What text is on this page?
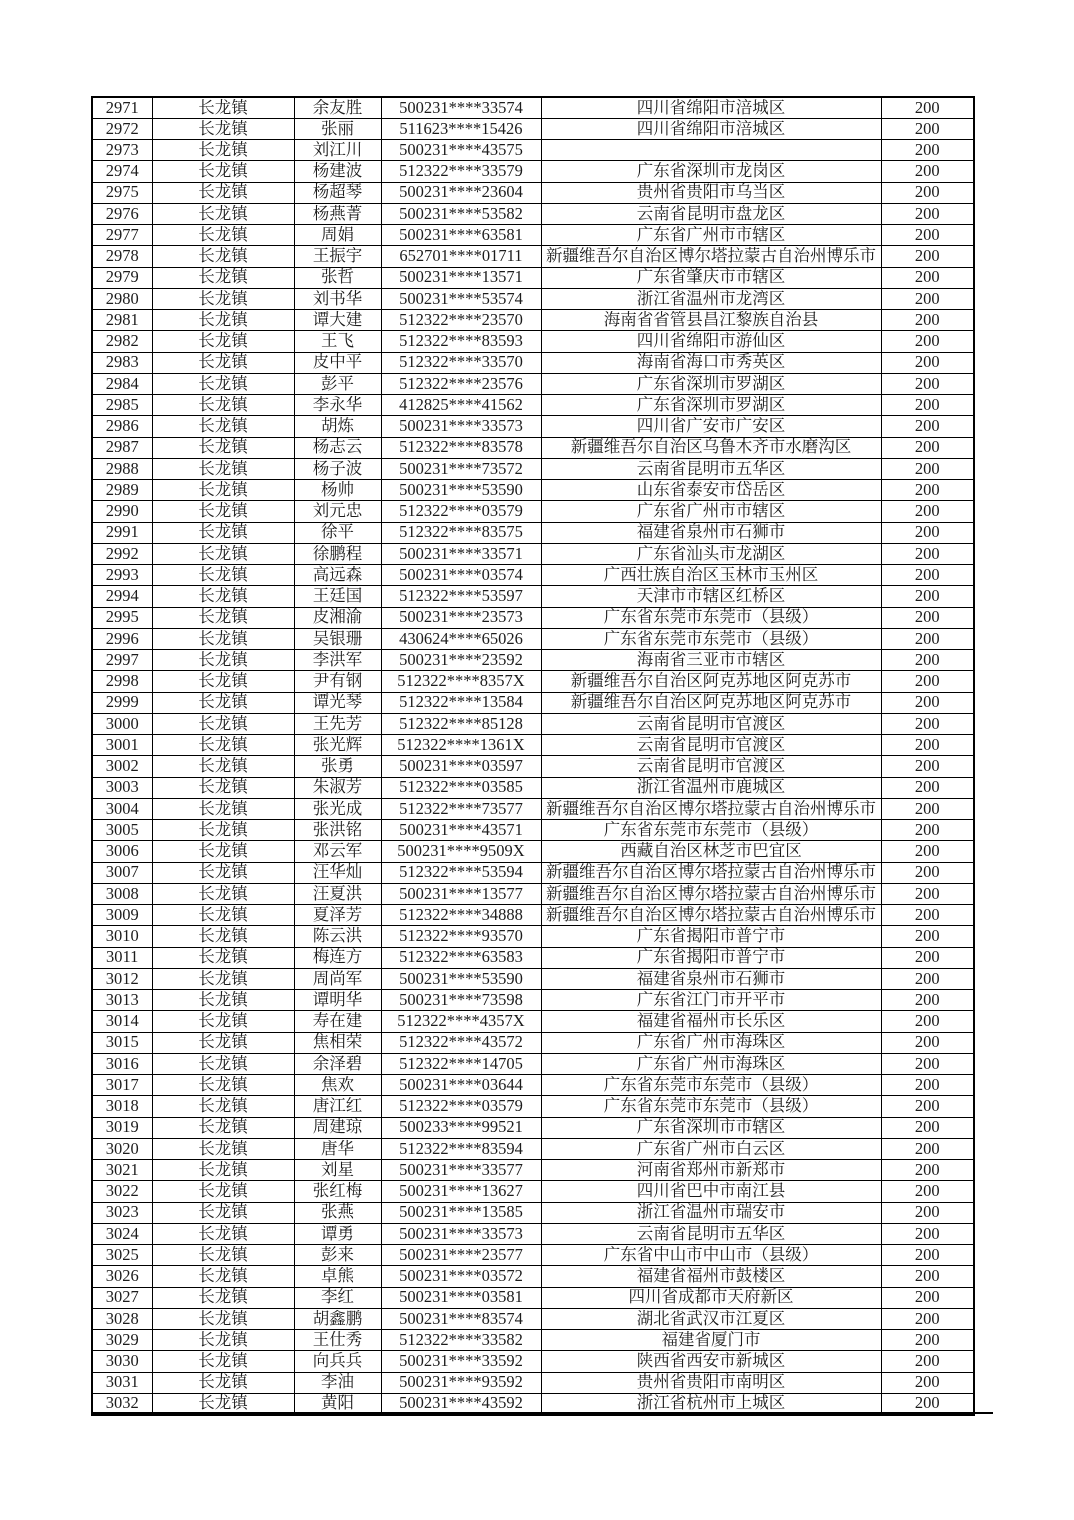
2971	长龙镇	余友胜	500231****33574	四川省绵阳市涪城区	200
2972	长龙镇	张丽	511623****15426	四川省绵阳市涪城区	200
2973	长龙镇	刘江川	500231****43575		200
2974	长龙镇	杨建波	512322****33579	广东省深圳市龙岗区	200
2975	长龙镇	杨超琴	500231****23604	贵州省贵阳市乌当区	200
2976	长龙镇	杨燕菁	500231****53582	云南省昆明市盘龙区	200
2977	长龙镇	周娟	500231****63581	广东省广州市市辖区	200
2978	长龙镇	王振宇	652701****01711	新疆维吾尔自治区博尔塔拉蒙古自治州博乐市	200
2979	长龙镇	张哲	500231****13571	广东省肇庆市市辖区	200
2980	长龙镇	刘书华	500231****53574	浙江省温州市龙湾区	200
2981	长龙镇	谭大建	512322****23570	海南省省管县昌江黎族自治县	200
2982	长龙镇	王飞	512322****83593	四川省绵阳市游仙区	200
2983	长龙镇	皮中平	512322****33570	海南省海口市秀英区	200
2984	长龙镇	彭平	512322****23576	广东省深圳市罗湖区	200
2985	长龙镇	李永华	412825****41562	广东省深圳市罗湖区	200
2986	长龙镇	胡炼	500231****33573	四川省广安市广安区	200
2987	长龙镇	杨志云	512322****83578	新疆维吾尔自治区乌鲁木齐市水磨沟区	200
2988	长龙镇	杨子波	500231****73572	云南省昆明市五华区	200
2989	长龙镇	杨帅	500231****53590	山东省泰安市岱岳区	200
2990	长龙镇	刘元忠	512322****03579	广东省广州市市辖区	200
2991	长龙镇	徐平	512322****83575	福建省泉州市石狮市	200
2992	长龙镇	徐鹏程	500231****33571	广东省汕头市龙湖区	200
2993	长龙镇	高远森	500231****03574	广西壮族自治区玉林市玉州区	200
2994	长龙镇	王廷国	512322****53597	天津市市辖区红桥区	200
2995	长龙镇	皮湘渝	500231****23573	广东省东莞市东莞市（县级）	200
2996	长龙镇	吴银珊	430624****65026	广东省东莞市东莞市（县级）	200
2997	长龙镇	李洪军	500231****23592	海南省三亚市市辖区	200
2998	长龙镇	尹有钢	512322****8357X	新疆维吾尔自治区阿克苏地区阿克苏市	200
2999	长龙镇	谭光琴	512322****13584	新疆维吾尔自治区阿克苏地区阿克苏市	200
3000	长龙镇	王先芳	512322****85128	云南省昆明市官渡区	200
3001	长龙镇	张光辉	512322****1361X	云南省昆明市官渡区	200
3002	长龙镇	张勇	500231****03597	云南省昆明市官渡区	200
3003	长龙镇	朱淑芳	512322****03585	浙江省温州市鹿城区	200
3004	长龙镇	张光成	512322****73577	新疆维吾尔自治区博尔塔拉蒙古自治州博乐市	200
3005	长龙镇	张洪铭	500231****43571	广东省东莞市东莞市（县级）	200
3006	长龙镇	邓云军	500231****9509X	西藏自治区林芝市巴宜区	200
3007	长龙镇	汪华灿	512322****53594	新疆维吾尔自治区博尔塔拉蒙古自治州博乐市	200
3008	长龙镇	汪夏洪	500231****13577	新疆维吾尔自治区博尔塔拉蒙古自治州博乐市	200
3009	长龙镇	夏泽芳	512322****34888	新疆维吾尔自治区博尔塔拉蒙古自治州博乐市	200
3010	长龙镇	陈云洪	512322****93570	广东省揭阳市普宁市	200
3011	长龙镇	梅连方	512322****63583	广东省揭阳市普宁市	200
3012	长龙镇	周尚军	500231****53590	福建省泉州市石狮市	200
3013	长龙镇	谭明华	500231****73598	广东省江门市开平市	200
3014	长龙镇	寿在建	512322****4357X	福建省福州市长乐区	200
3015	长龙镇	焦相荣	512322****43572	广东省广州市海珠区	200
3016	长龙镇	余泽碧	512322****14705	广东省广州市海珠区	200
3017	长龙镇	焦欢	500231****03644	广东省东莞市东莞市（县级）	200
3018	长龙镇	唐江红	512322****03579	广东省东莞市东莞市（县级）	200
3019	长龙镇	周建琼	500233****99521	广东省深圳市市辖区	200
3020	长龙镇	唐华	512322****83594	广东省广州市白云区	200
3021	长龙镇	刘星	500231****33577	河南省郑州市新郑市	200
3022	长龙镇	张红梅	500231****13627	四川省巴中市南江县	200
3023	长龙镇	张燕	500231****13585	浙江省温州市瑞安市	200
3024	长龙镇	谭勇	500231****33573	云南省昆明市五华区	200
3025	长龙镇	彭来	500231****23577	广东省中山市中山市（县级）	200
3026	长龙镇	卓熊	500231****03572	福建省福州市鼓楼区	200
3027	长龙镇	李红	500231****03581	四川省成都市天府新区	200
3028	长龙镇	胡鑫鹏	500231****83574	湖北省武汉市江夏区	200
3029	长龙镇	王仕秀	512322****33582	福建省厦门市	200
3030	长龙镇	向兵兵	500231****33592	陕西省西安市新城区	200
3031	长龙镇	李油	500231****93592	贵州省贵阳市南明区	200
3032	长龙镇	黄阳	500231****43592	浙江省杭州市上城区	200
